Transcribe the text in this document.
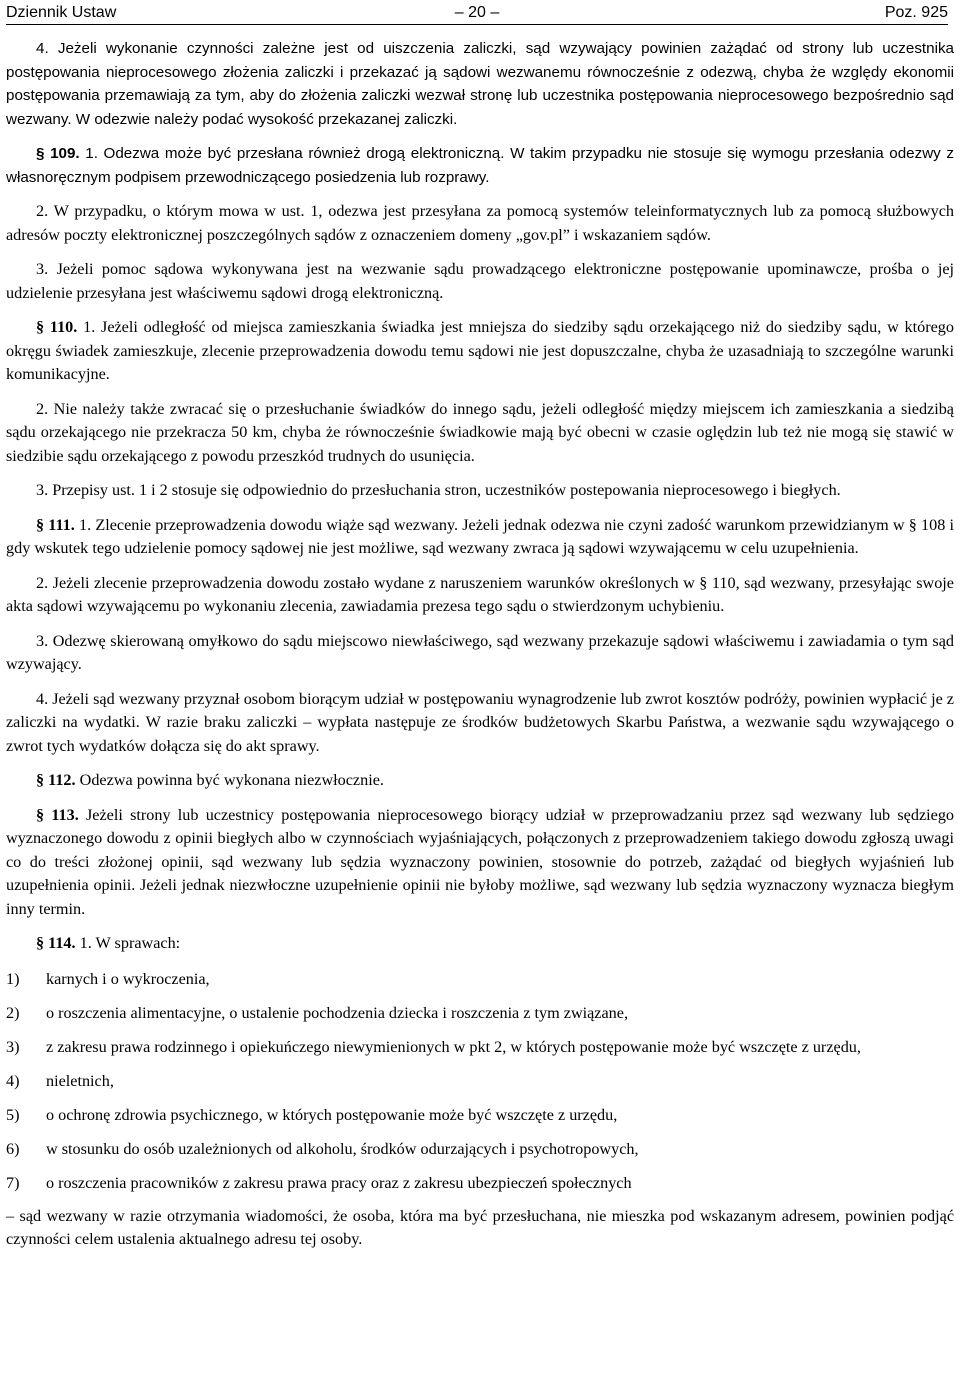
Dziennik Ustaw	– 20 –	Poz. 925

4. Jeżeli wykonanie czynności zależne jest od uiszczenia zaliczki, sąd wzywający powinien zażądać od strony lub uczestnika postępowania nieprocesowego złożenia zaliczki i przekazać ją sądowi wezwanemu równocześnie z odezwą, chyba że względy ekonomii postępowania przemawiają za tym, aby do złożenia zaliczki wezwał stronę lub uczestnika postępowania nieprocesowego bezpośrednio sąd wezwany. W odezwie należy podać wysokość przekazanej zaliczki.

§ 109. 1. Odezwa może być przesłana również drogą elektroniczną. W takim przypadku nie stosuje się wymogu przesłania odezwy z własnoręcznym podpisem przewodniczącego posiedzenia lub rozprawy.

2. W przypadku, o którym mowa w ust. 1, odezwa jest przesyłana za pomocą systemów teleinformatycznych lub za pomocą służbowych adresów poczty elektronicznej poszczególnych sądów z oznaczeniem domeny „gov.pl” i wskazaniem sądów.

3. Jeżeli pomoc sądowa wykonywana jest na wezwanie sądu prowadzącego elektroniczne postępowanie upominawcze, prośba o jej udzielenie przesyłana jest właściwemu sądowi drogą elektroniczną.

§ 110. 1. Jeżeli odległość od miejsca zamieszkania świadka jest mniejsza do siedziby sądu orzekającego niż do siedziby sądu, w którego okręgu świadek zamieszkuje, zlecenie przeprowadzenia dowodu temu sądowi nie jest dopuszczalne, chyba że uzasadniają to szczególne warunki komunikacyjne.

2. Nie należy także zwracać się o przesłuchanie świadków do innego sądu, jeżeli odległość między miejscem ich zamieszkania a siedzibą sądu orzekającego nie przekracza 50 km, chyba że równocześnie świadkowie mają być obecni w czasie oględzin lub też nie mogą się stawić w siedzibie sądu orzekającego z powodu przeszkód trudnych do usunięcia.

3. Przepisy ust. 1 i 2 stosuje się odpowiednio do przesłuchania stron, uczestników postepowania nieprocesowego i biegłych.

§ 111. 1. Zlecenie przeprowadzenia dowodu wiąże sąd wezwany. Jeżeli jednak odezwa nie czyni zadość warunkom przewidzianym w § 108 i gdy wskutek tego udzielenie pomocy sądowej nie jest możliwe, sąd wezwany zwraca ją sądowi wzywającemu w celu uzupełnienia.

2. Jeżeli zlecenie przeprowadzenia dowodu zostało wydane z naruszeniem warunków określonych w § 110, sąd wezwany, przesyłając swoje akta sądowi wzywającemu po wykonaniu zlecenia, zawiadamia prezesa tego sądu o stwierdzonym uchybieniu.

3. Odezwę skierowaną omyłkowo do sądu miejscowo niewłaściwego, sąd wezwany przekazuje sądowi właściwemu i zawiadamia o tym sąd wzywający.

4. Jeżeli sąd wezwany przyznał osobom biorącym udział w postępowaniu wynagrodzenie lub zwrot kosztów podróży, powinien wypłacić je z zaliczki na wydatki. W razie braku zaliczki – wypłata następuje ze środków budżetowych Skarbu Państwa, a wezwanie sądu wzywającego o zwrot tych wydatków dołącza się do akt sprawy.

§ 112. Odezwa powinna być wykonana niezwłocznie.

§ 113. Jeżeli strony lub uczestnicy postępowania nieprocesowego biorący udział w przeprowadzaniu przez sąd wezwany lub sędziego wyznaczonego dowodu z opinii biegłych albo w czynnościach wyjaśniających, połączonych z przeprowadzeniem takiego dowodu zgłoszą uwagi co do treści złożonej opinii, sąd wezwany lub sędzia wyznaczony powinien, stosownie do potrzeb, zażądać od biegłych wyjaśnień lub uzupełnienia opinii. Jeżeli jednak niezwłoczne uzupełnienie opinii nie byłoby możliwe, sąd wezwany lub sędzia wyznaczony wyznacza biegłym inny termin.

§ 114. 1. W sprawach:

1)	karnych i o wykroczenia,
2)	o roszczenia alimentacyjne, o ustalenie pochodzenia dziecka i roszczenia z tym związane,
3)	z zakresu prawa rodzinnego i opiekuńczego niewymienionych w pkt 2, w których postępowanie może być wszczęte z urzędu,
4)	nieletnich,
5)	o ochronę zdrowia psychicznego, w których postępowanie może być wszczęte z urzędu,
6)	w stosunku do osób uzależnionych od alkoholu, środków odurzających i psychotropowych,
7)	o roszczenia pracowników z zakresu prawa pracy oraz z zakresu ubezpieczeń społecznych

– sąd wezwany w razie otrzymania wiadomości, że osoba, która ma być przesłuchana, nie mieszka pod wskazanym adresem, powinien podjąć czynności celem ustalenia aktualnego adresu tej osoby.
